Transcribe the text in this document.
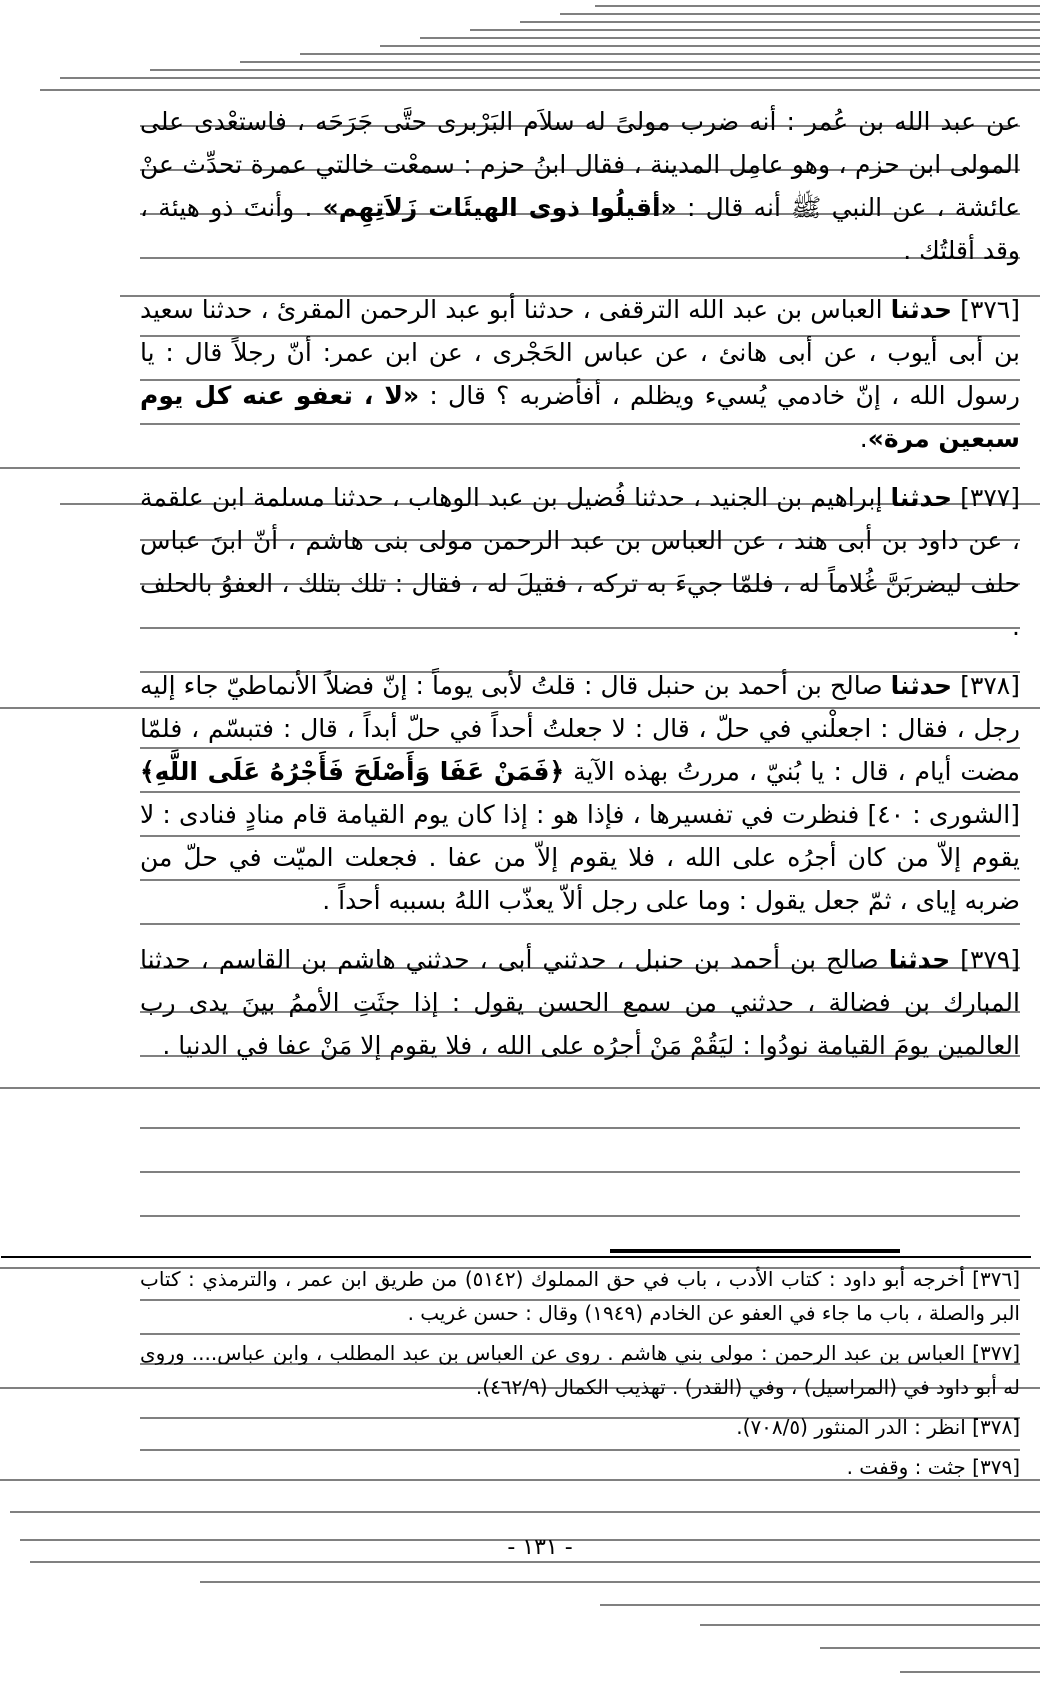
عن عبد الله بن عُمر : أنه ضرب مولىً له سلاَم البَرْبرى حتَّى جَرَحَه ، فاستعْدى على المولى ابن حزم ، وهو عامِل المدينة ، فقال ابنُ حزم : سمعْت خالتي عمرة تحدِّث عنْ عائشة ، عن النبي ﷺ أنه قال : «أقيلُوا ذوى الهيئَات زَلاَتِهِم» . وأنتَ ذو هيئة ، وقد أقلتُك .

[٣٧٦] حدثنا العباس بن عبد الله الترقفى ، حدثنا أبو عبد الرحمن المقرئ ، حدثنا سعيد بن أبى أيوب ، عن أبى هانئ ، عن عباس الحَجْرى ، عن ابن عمر: أنّ رجلاً قال : يا رسول الله ، إنّ خادمي يُسيء ويظلم ، أفأضربه ؟ قال : «لا ، تعفو عنه كل يوم سبعين مرة».

[٣٧٧] حدثنا إبراهيم بن الجنيد ، حدثنا فُضيل بن عبد الوهاب ، حدثنا مسلمة ابن علقمة ، عن داود بن أبى هند ، عن العباس بن عبد الرحمن مولى بنى هاشم ، أنّ ابنَ عباس حلف ليضربَنَّ غُلاماً له ، فلمّا جيءَ به تركه ، فقيلَ له ، فقال : تلك بتلك ، العفوُ بالحلف .

[٣٧٨] حدثنا صالح بن أحمد بن حنبل قال : قلتُ لأبى يوماً : إنّ فضلاً الأنماطيّ جاء إليه رجل ، فقال : اجعلْني في حلّ ، قال : لا جعلتُ أحداً في حلّ أبداً ، قال : فتبسّم ، فلمّا مضت أيام ، قال : يا بُنيّ ، مررتُ بهذه الآية ﴿فَمَنْ عَفَا وَأَصْلَحَ فَأَجْرُهُ عَلَى اللَّهِ﴾ [الشورى : ٤٠] فنظرت في تفسيرها ، فإذا هو : إذا كان يوم القيامة قام منادٍ فنادى : لا يقوم إلاّ من كان أجرُه على الله ، فلا يقوم إلاّ من عفا . فجعلت الميّت في حلّ من ضربه إياى ، ثمّ جعل يقول : وما على رجل ألاّ يعذّب اللهُ بسببه أحداً .

[٣٧٩] حدثنا صالح بن أحمد بن حنبل ، حدثني أبى ، حدثني هاشم بن القاسم ، حدثنا المبارك بن فضالة ، حدثني من سمع الحسن يقول : إذا جثَتِ الأممُ بينَ يدى رب العالمين يومَ القيامة نودُوا : ليَقُمْ مَنْ أجرُه على الله ، فلا يقوم إلا مَنْ عفا في الدنيا .

[٣٧٦] أخرجه أبو داود : كتاب الأدب ، باب في حق المملوك (٥١٤٢) من طريق ابن عمر ، والترمذي : كتاب البر والصلة ، باب ما جاء في العفو عن الخادم (١٩٤٩) وقال : حسن غريب .

[٣٧٧] العباس بن عبد الرحمن : مولى بني هاشم . روى عن العباس بن عبد المطلب ، وابن عباس.... وروى له أبو داود في (المراسيل) ، وفي (القدر) . تهذيب الكمال (٤٦٢/٩).

[٣٧٨] انظر : الدر المنثور (٧٠٨/٥).

[٣٧٩] جثت : وقفت .

- ١٣١ -
